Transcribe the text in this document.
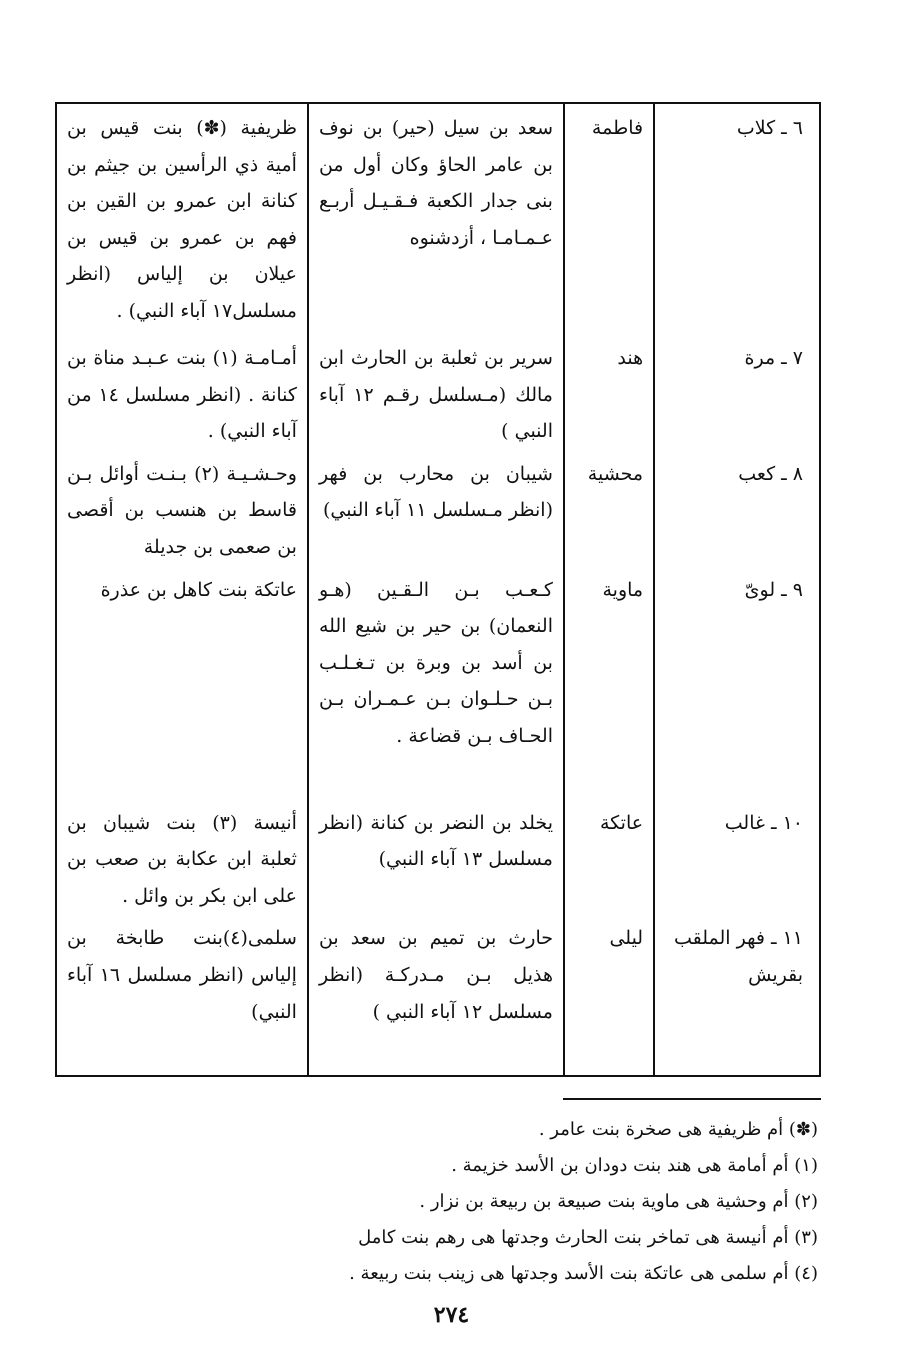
٦ ـ كلاب	فاطمة	سعد بن سيل (حير) بن نوف بن عامر الحاؤ وكان أول من بنى جدار الكعبة فـقـيـل أربـع عـمـامـا ، أزدشنوه	ظريفية (✽) بنت قيس بن أمية ذي الرأسين بن جيثم بن كنانة ابن عمرو بن القين بن فهم بن عمرو بن قيس بن عيلان بن إلياس (انظر مسلسل١٧ آباء النبي) .

٧ ـ مرة	هند	سرير بن ثعلبة بن الحارث ابن مالك (مـسلسل رقـم ١٢ آباء النبي )	أمـامـة (١) بنت عـبـد مناة بن كنانة . (انظر مسلسل ١٤ من آباء النبي) .

٨ ـ كعب	محشية	شيبان بن محارب بن فهر (انظر مـسلسل ١١ آباء النبي)	وحـشـيـة (٢) بـنـت أوائل بـن قاسط بن هنسب بن أقصى بن صعمى بن جديلة

٩ ـ لوىّ	ماوية	كـعـب بـن الـقـين (هـو النعمان) بن حير بن شيع الله بن أسد بن وبرة بن تـغـلـب بـن حـلـوان بـن عـمـران بـن الحـاف بـن قضاعة .	عاتكة بنت كاهل بن عذرة

١٠ ـ غالب	عاتكة	يخلد بن النضر بن كنانة (انظر مسلسل ١٣ آباء النبي)	أنيسة (٣) بنت شيبان بن ثعلبة ابن عكابة بن صعب بن على ابن بكر بن وائل .

١١ ـ فهر الملقب بقريش	ليلى	حارث بن تميم بن سعد بن هذيل بـن مـدركـة (انظر مسلسل ١٢ آباء النبي )	سلمى(٤)بنت طابخة بن إلياس (انظر مسلسل ١٦ آباء النبي)
(✽) أم ظريفية هى صخرة بنت عامر .
(١) أم أمامة هى هند بنت دودان بن الأسد خزيمة .
(٢) أم وحشية هى ماوية بنت صبيعة بن ربيعة بن نزار .
(٣) أم أنيسة هى تماخر بنت الحارث وجدتها هى رهم بنت كامل
(٤) أم سلمى هى عاتكة بنت الأسد وجدتها هى زينب بنت ربيعة .
٢٧٤
